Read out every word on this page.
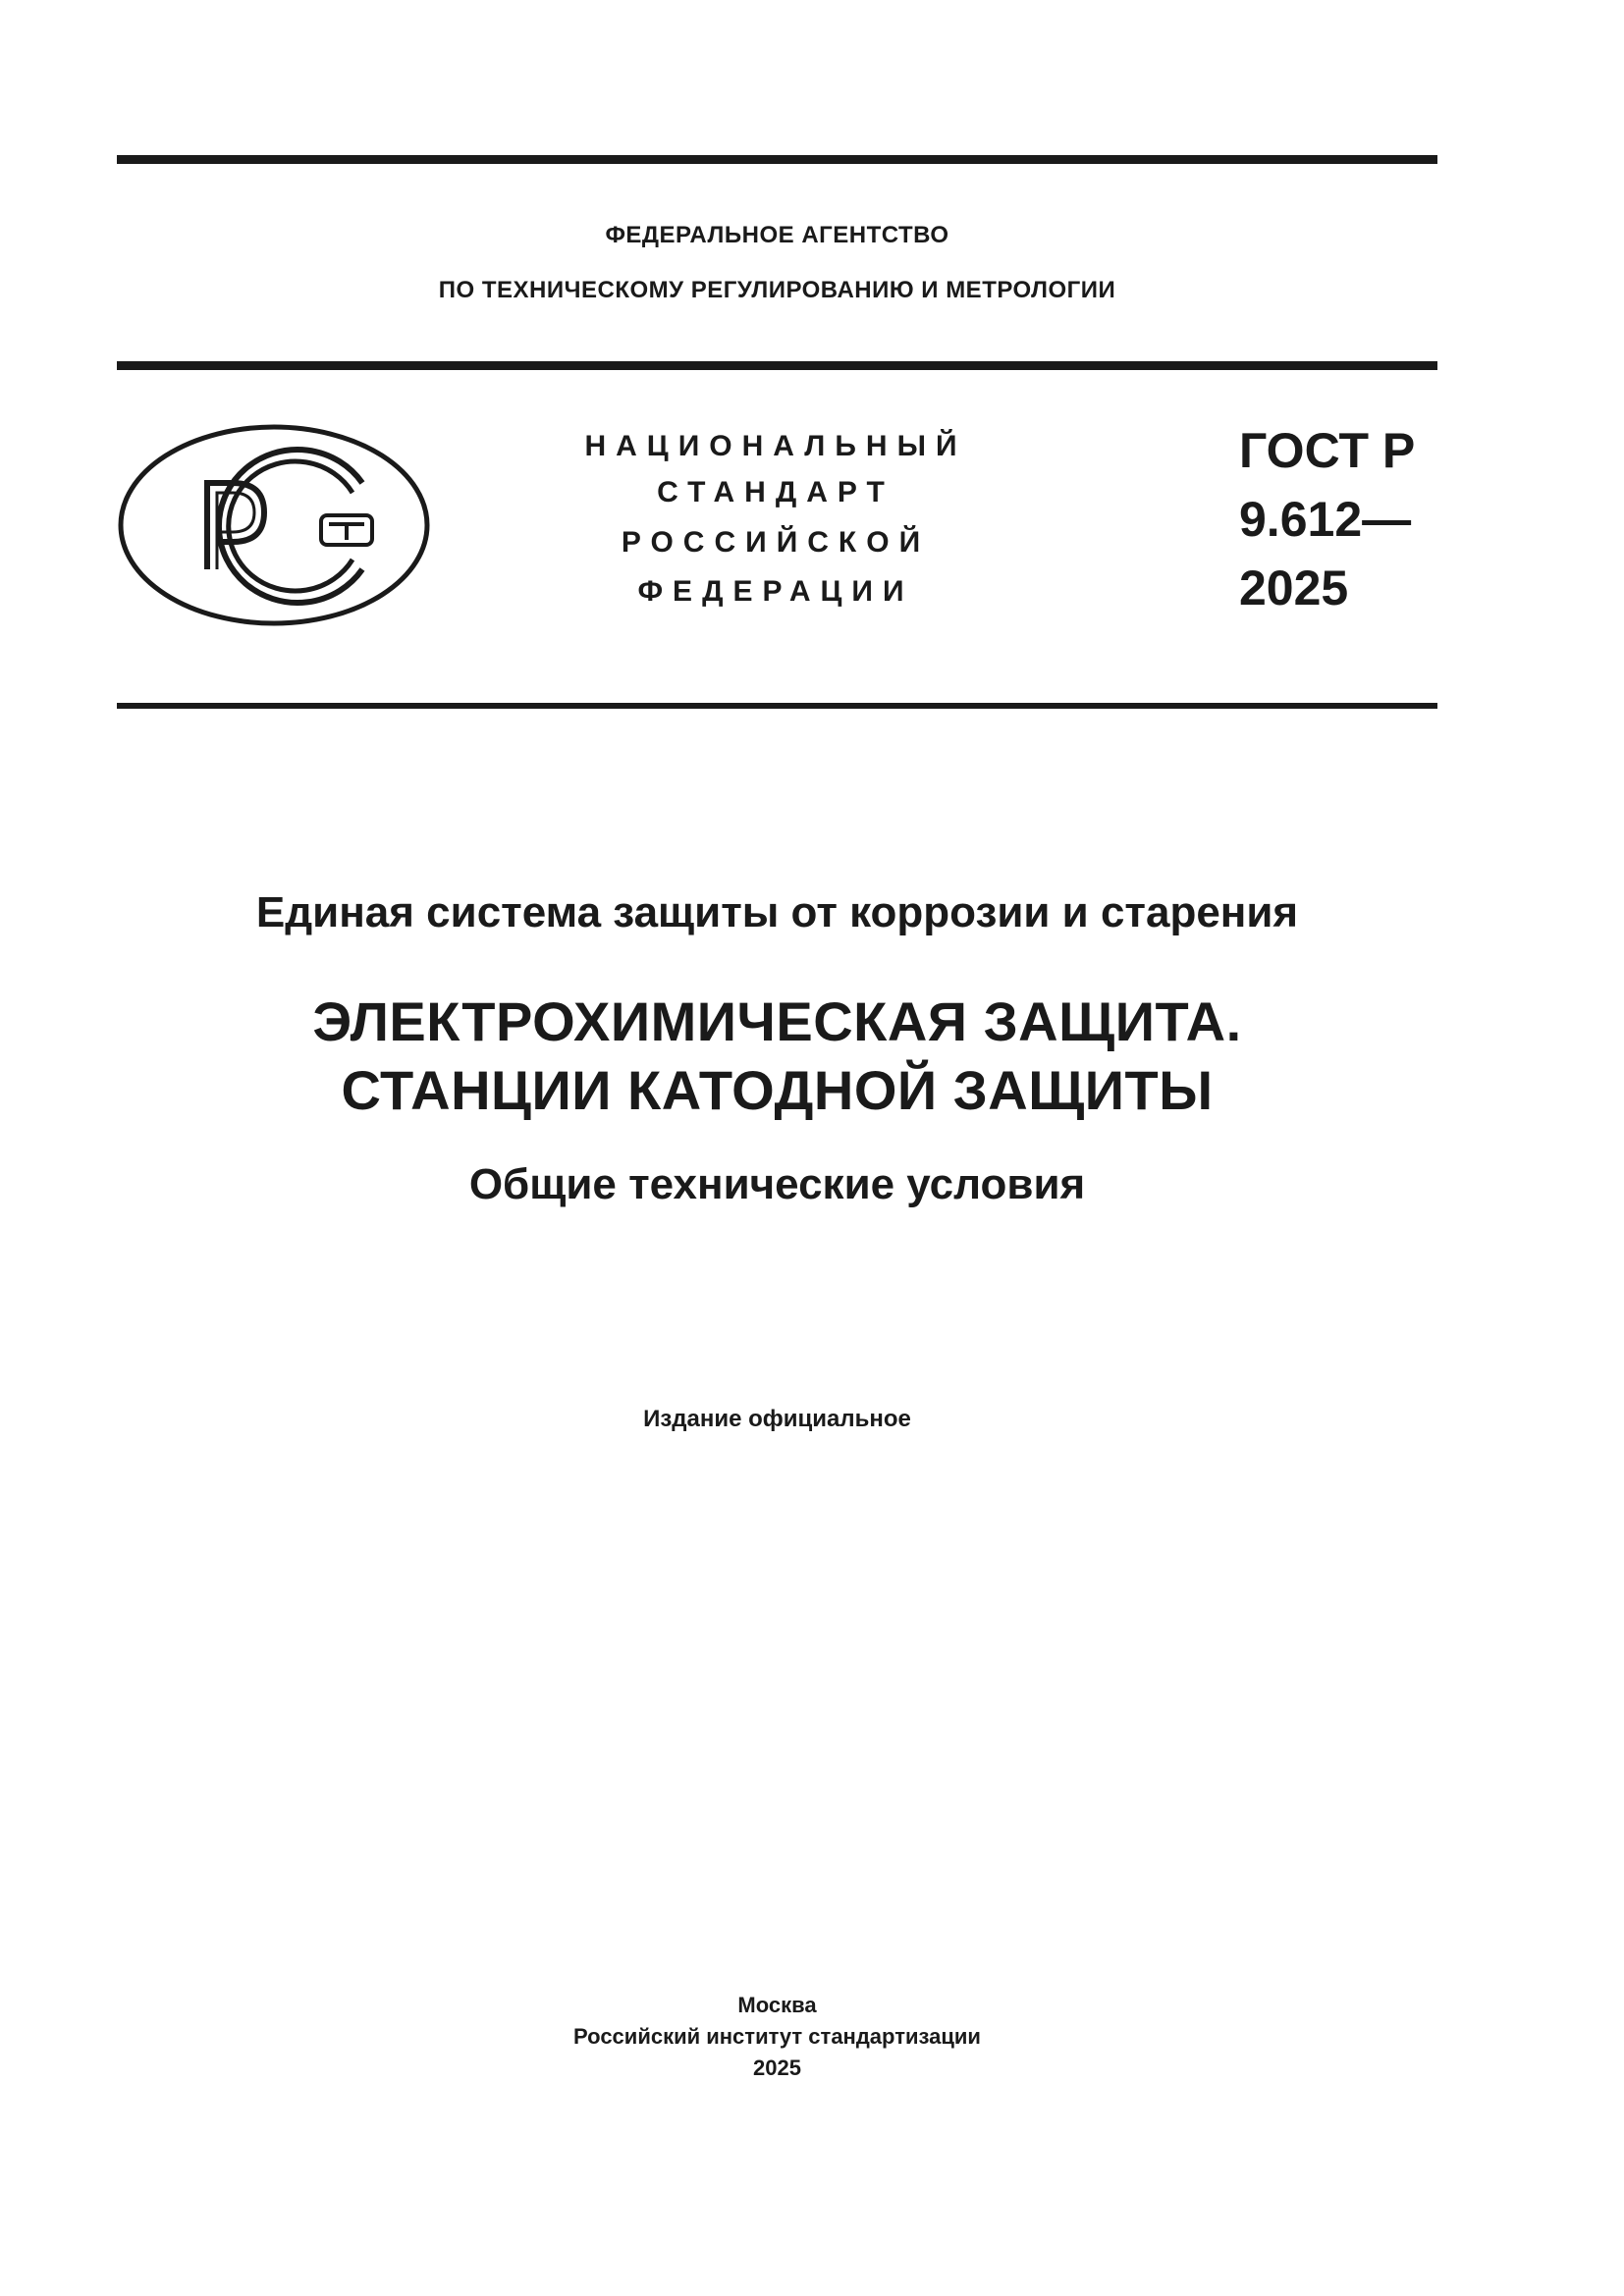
ФЕДЕРАЛЬНОЕ АГЕНТСТВО
ПО ТЕХНИЧЕСКОМУ РЕГУЛИРОВАНИЮ И МЕТРОЛОГИИ
НАЦИОНАЛЬНЫЙ
СТАНДАРТ
РОССИЙСКОЙ
ФЕДЕРАЦИИ
ГОСТ Р
9.612—
2025
Единая система защиты от коррозии и старения
ЭЛЕКТРОХИМИЧЕСКАЯ ЗАЩИТА.
СТАНЦИИ КАТОДНОЙ ЗАЩИТЫ
Общие технические условия
Издание официальное
Москва
Российский институт стандартизации
2025
